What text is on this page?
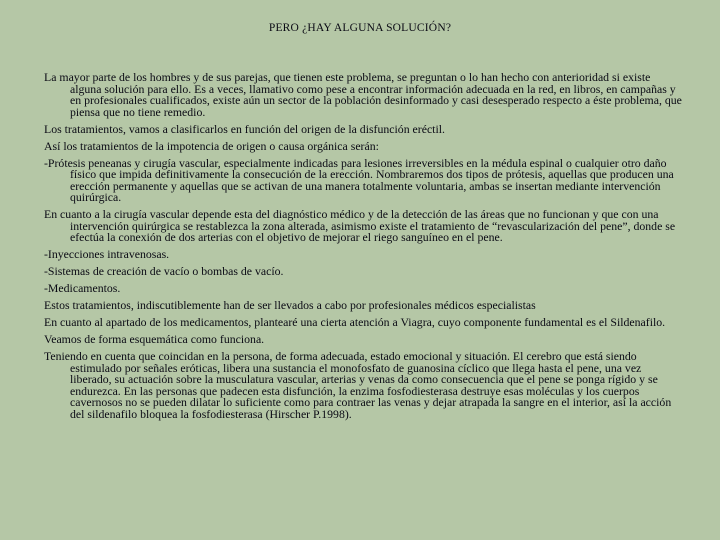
PERO ¿HAY ALGUNA SOLUCIÓN?

La mayor parte de los hombres y de sus parejas, que tienen este problema, se preguntan o lo han hecho con anterioridad si existe alguna solución para ello. Es a veces, llamativo como pese a encontrar información adecuada en la red, en libros, en campañas y en profesionales cualificados, existe aún un sector de la población desinformado y casi desesperado respecto a éste problema, que piensa que no tiene remedio.

Los tratamientos, vamos a clasificarlos en función del origen de la disfunción eréctil.

Así los tratamientos de la impotencia de origen o causa orgánica serán:

-Prótesis peneanas y cirugía vascular, especialmente indicadas para lesiones irreversibles en la médula espinal o cualquier otro daño físico que impida definitivamente la consecución de la erección. Nombraremos dos tipos de prótesis, aquellas que producen una erección permanente y aquellas que se activan de una manera totalmente voluntaria, ambas se insertan mediante intervención quirúrgica.

En cuanto a la cirugía vascular depende esta del diagnóstico médico y de la detección de las áreas que no funcionan y que con una intervención quirúrgica se restablezca la zona alterada, asimismo existe el tratamiento de “revascularización del pene”, donde se efectúa la conexión de dos arterias con el objetivo de mejorar el riego sanguíneo en el pene.

-Inyecciones intravenosas.

-Sistemas de creación de vacío o bombas de vacío.

-Medicamentos.

Estos tratamientos, indiscutiblemente han de ser llevados a cabo por profesionales médicos especialistas

En cuanto al apartado de los medicamentos, plantearé una cierta atención a Viagra, cuyo componente fundamental es el Sildenafilo.

Veamos de forma esquemática como funciona.

Teniendo en cuenta que coincidan en la persona, de forma adecuada, estado emocional y situación. El cerebro que está siendo estimulado por señales eróticas, libera una sustancia el monofosfato de guanosina cíclico que llega hasta el pene, una vez liberado, su actuación sobre la musculatura vascular, arterias y venas da como consecuencia que el pene se ponga rígido y se endurezca. En las personas que padecen esta disfunción, la enzima fosfodiesterasa destruye esas moléculas y los cuerpos cavernosos no se pueden dilatar lo suficiente como para contraer las venas y dejar atrapada la sangre en el interior, así la acción del sildenafilo bloquea la fosfodiesterasa (Hirscher P.1998).
